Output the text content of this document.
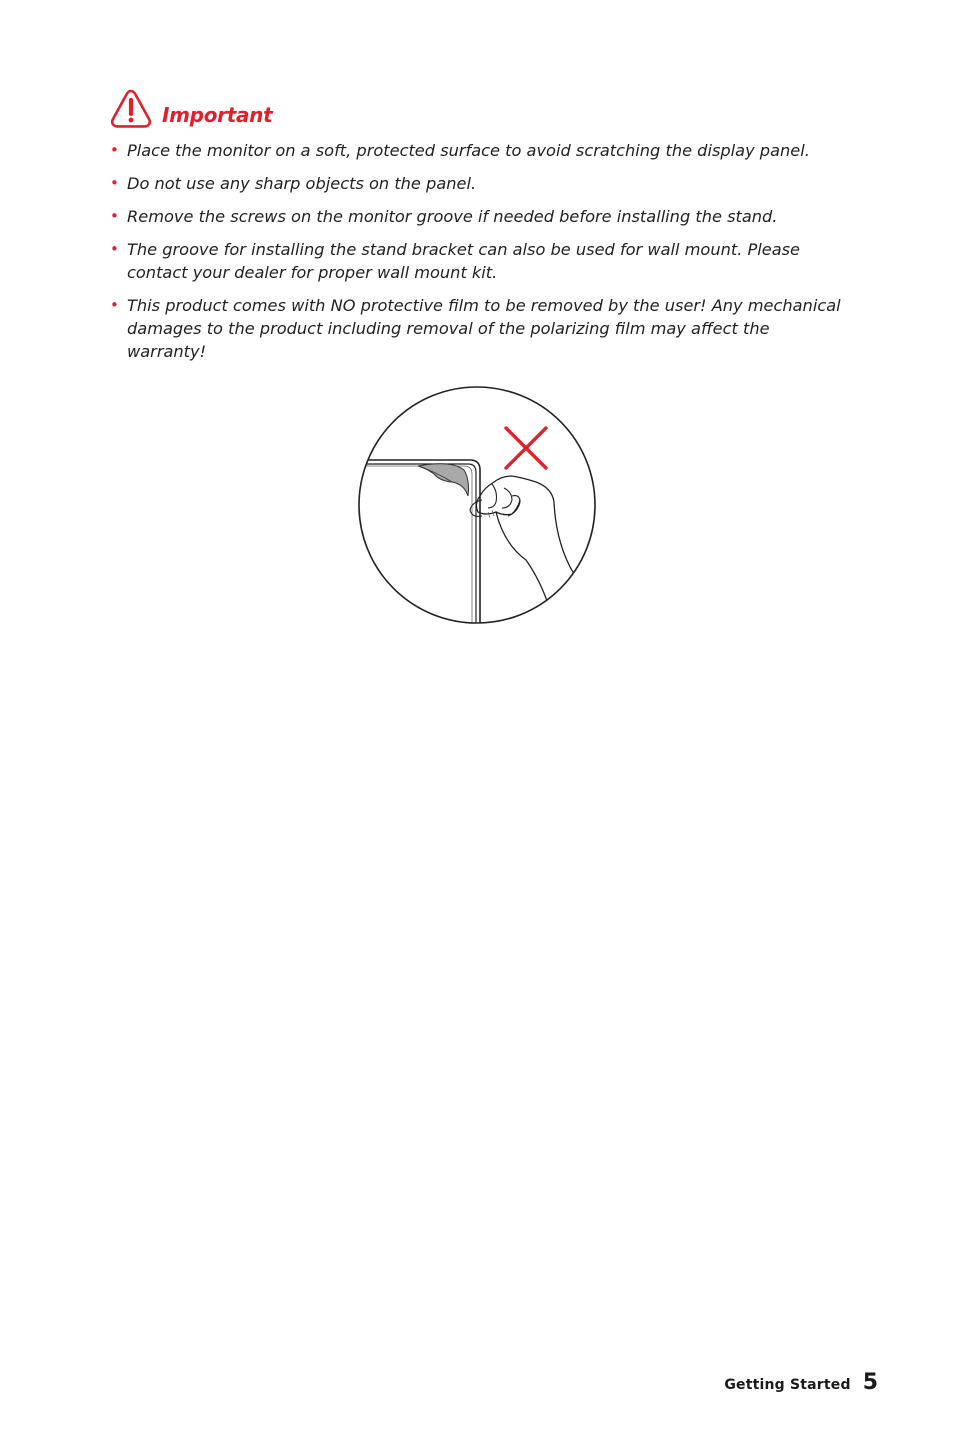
Important
• Place the monitor on a soft, protected surface to avoid scratching the display panel.
• Do not use any sharp objects on the panel.
• Remove the screws on the monitor groove if needed before installing the stand.
• The groove for installing the stand bracket can also be used for wall mount. Please contact your dealer for proper wall mount kit.
• This product comes with NO protective film to be removed by the user! Any mechanical damages to the product including removal of the polarizing film may affect the warranty!
Getting Started 5
